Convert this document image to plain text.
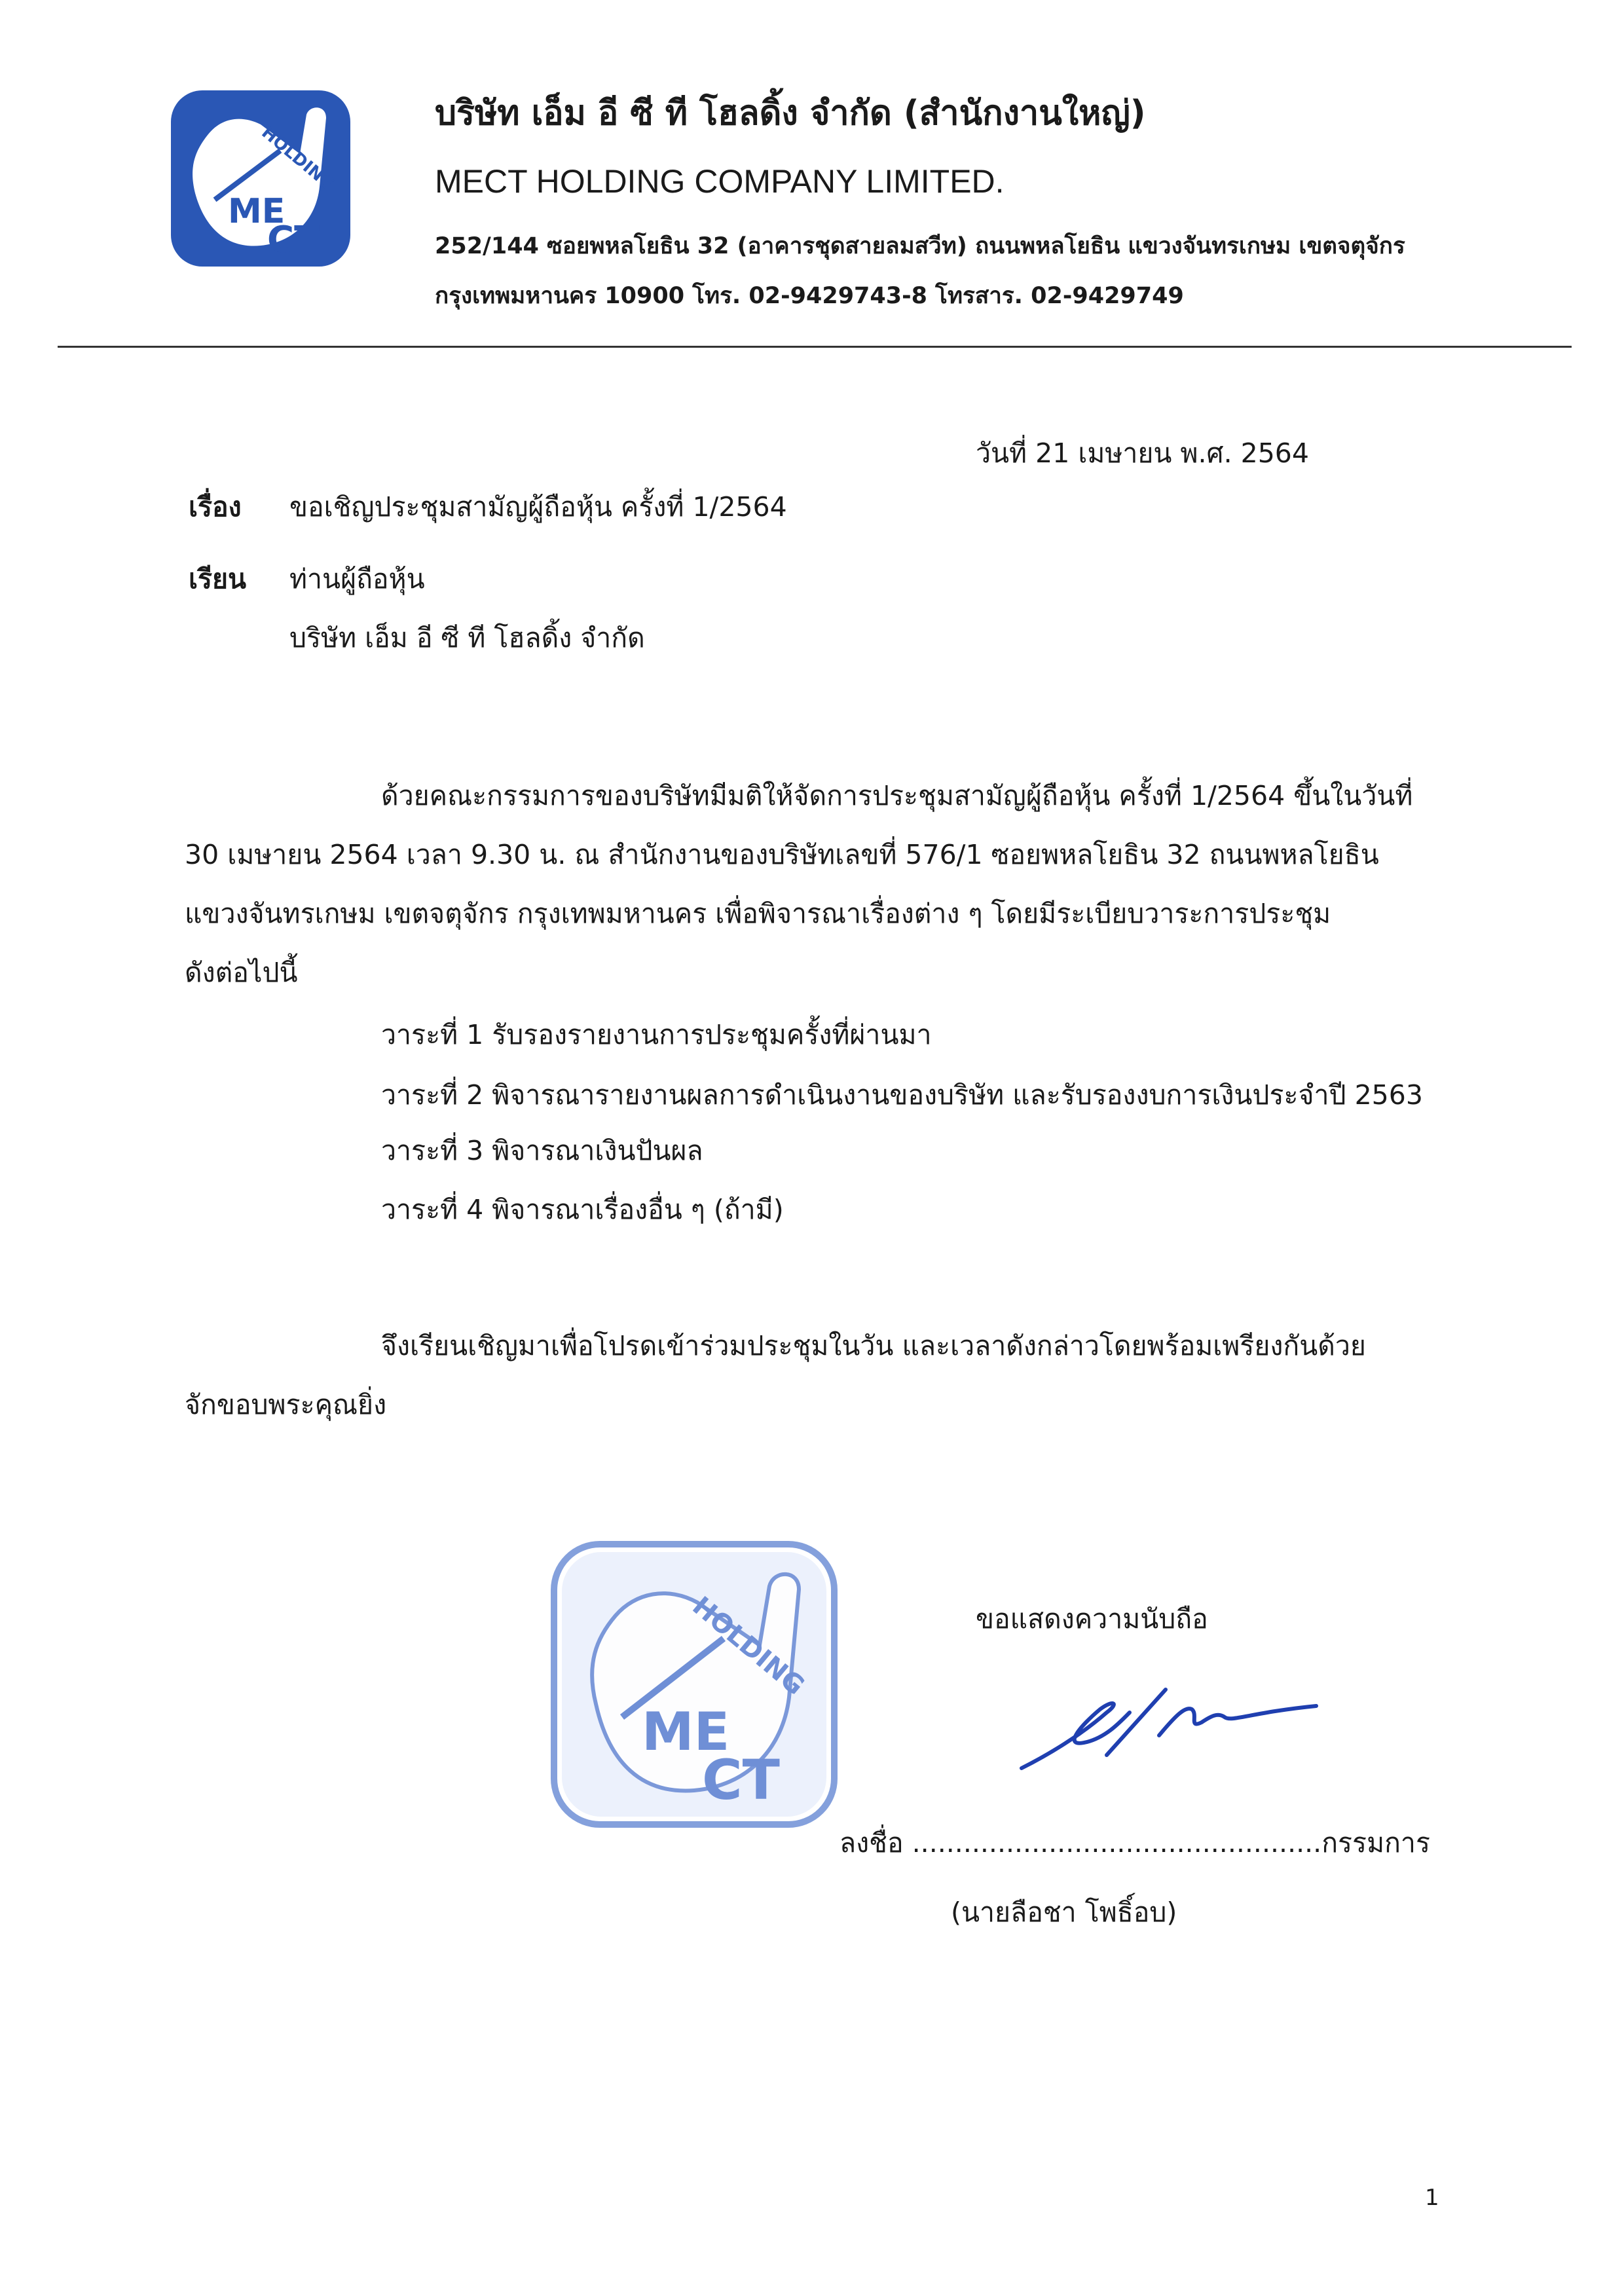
HOLDING
ME
CT
บริษัท เอ็ม อี ซี ที โฮลดิ้ง จำกัด (สำนักงานใหญ่)
MECT HOLDING COMPANY LIMITED.
252/144 ซอยพหลโยธิน 32 (อาคารชุดสายลมสวีท) ถนนพหลโยธิน แขวงจันทรเกษม เขตจตุจักร
กรุงเทพมหานคร 10900 โทร. 02-9429743-8 โทรสาร. 02-9429749
วันที่ 21 เมษายน พ.ศ. 2564
เรื่อง ขอเชิญประชุมสามัญผู้ถือหุ้น ครั้งที่ 1/2564
เรียน ท่านผู้ถือหุ้น
บริษัท เอ็ม อี ซี ที โฮลดิ้ง จำกัด
ด้วยคณะกรรมการของบริษัทมีมติให้จัดการประชุมสามัญผู้ถือหุ้น ครั้งที่ 1/2564 ขึ้นในวันที่
30 เมษายน 2564 เวลา 9.30 น. ณ สำนักงานของบริษัทเลขที่ 576/1 ซอยพหลโยธิน 32 ถนนพหลโยธิน
แขวงจันทรเกษม เขตจตุจักร กรุงเทพมหานคร เพื่อพิจารณาเรื่องต่าง ๆ โดยมีระเบียบวาระการประชุม
ดังต่อไปนี้
วาระที่ 1 รับรองรายงานการประชุมครั้งที่ผ่านมา
วาระที่ 2 พิจารณารายงานผลการดำเนินงานของบริษัท และรับรองงบการเงินประจำปี 2563
วาระที่ 3 พิจารณาเงินปันผล
วาระที่ 4 พิจารณาเรื่องอื่น ๆ (ถ้ามี)
จึงเรียนเชิญมาเพื่อโปรดเข้าร่วมประชุมในวัน และเวลาดังกล่าวโดยพร้อมเพรียงกันด้วย
จักขอบพระคุณยิ่ง
HOLDING
ME
CT
ขอแสดงความนับถือ
ลงชื่อ ................................................กรรมการ
(นายลือชา โพธิ์อบ)
1
